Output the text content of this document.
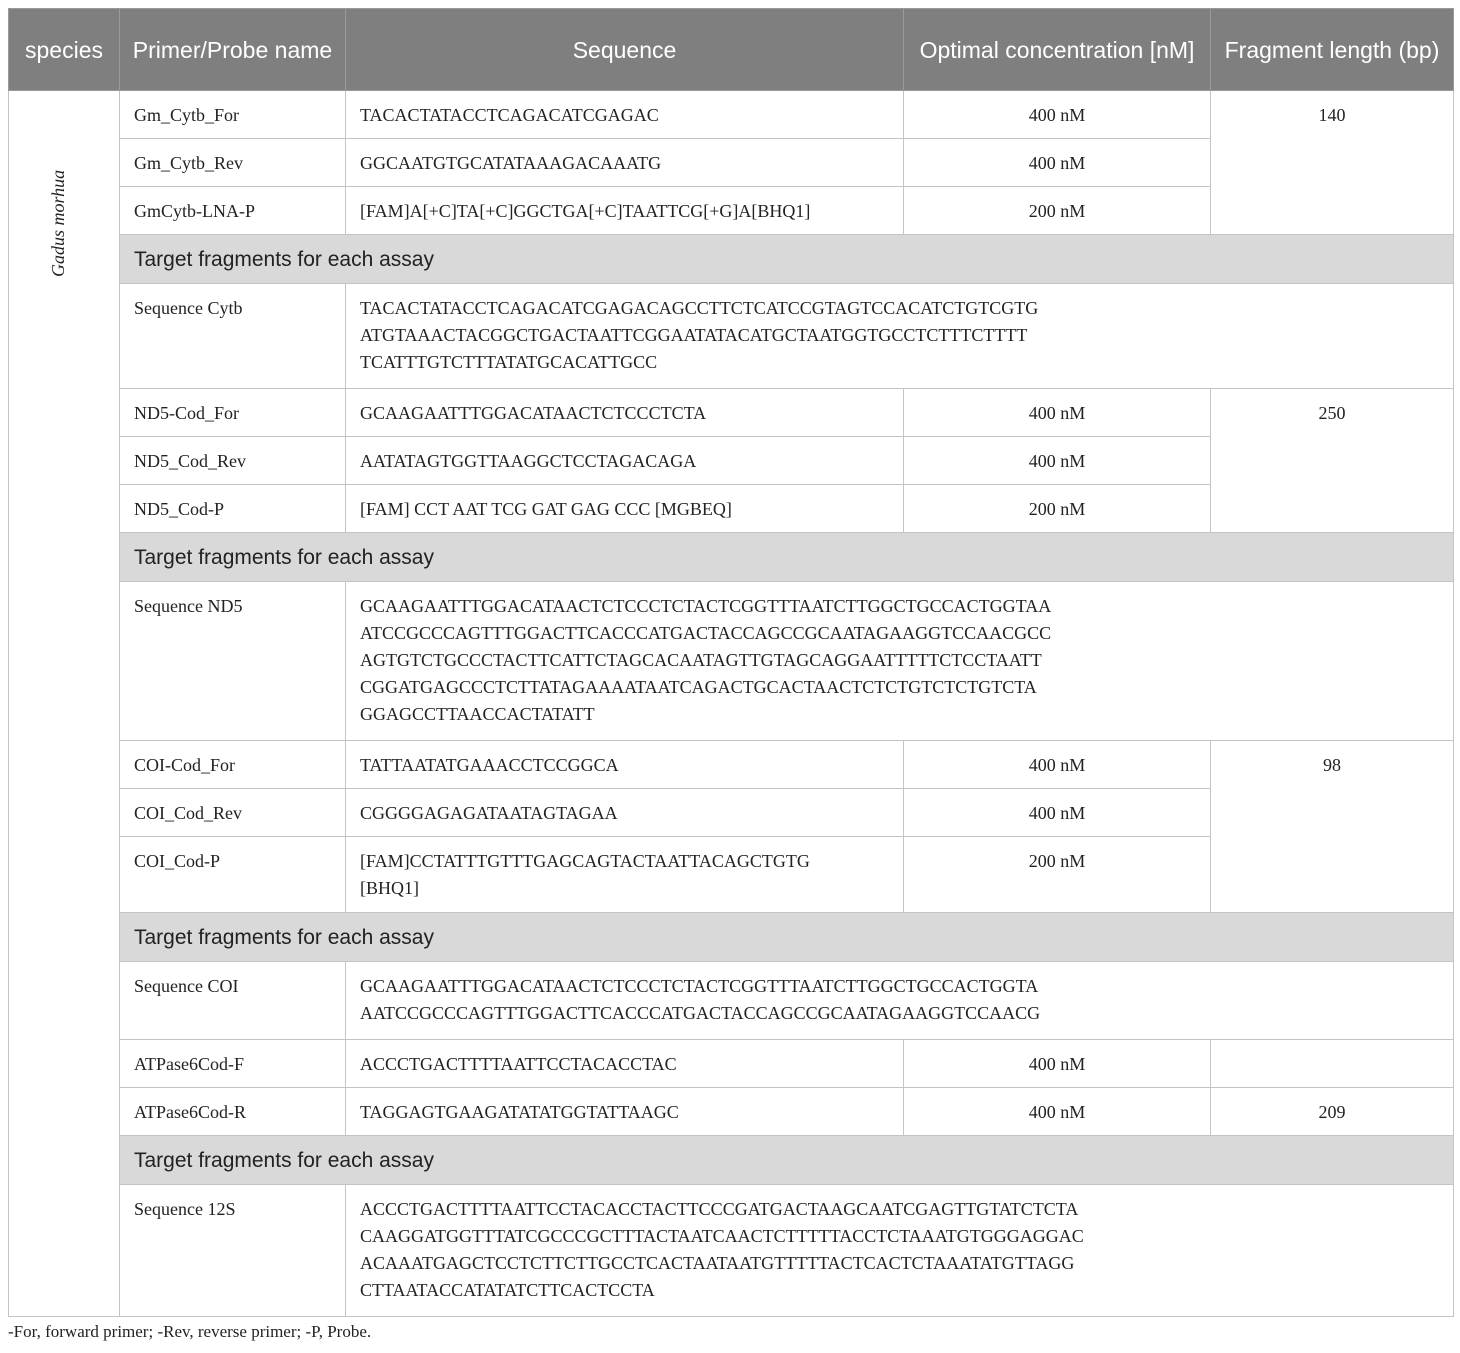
species	Primer/Probe name	Sequence	Optimal concentration [nM]	Fragment length (bp)

Gadus morhua	Gm_Cytb_For	TACACTATACCTCAGACATCGAGAC	400 nM	140
	Gm_Cytb_Rev	GGCAATGTGCATATAAAGACAAATG	400 nM	
	GmCytb-LNA-P	[FAM]A[+C]TA[+C]GGCTGA[+C]TAATTCG[+G]A[BHQ1]	200 nM	
	Target fragments for each assay			
	Sequence Cytb	TACACTATACCTCAGACATCGAGACAGCCTTCTCATCCGTAGTCCACATCTGTCGTG
ATGTAAACTACGGCTGACTAATTCGGAATATACATGCTAATGGTGCCTCTTTCTTTT
TCATTTGTCTTTATATGCACATTGCC		

	ND5-Cod_For	GCAAGAATTTGGACATAACTCTCCCTCTA	400 nM	250
	ND5_Cod_Rev	AATATAGTGGTTAAGGCTCCTAGACAGA	400 nM	
	ND5_Cod-P	[FAM] CCT AAT TCG GAT GAG CCC [MGBEQ]	200 nM	
	Target fragments for each assay			
	Sequence ND5	GCAAGAATTTGGACATAACTCTCCCTCTACTCGGTTTAATCTTGGCTGCCACTGGTAA
ATCCGCCCAGTTTGGACTTCACCCATGACTACCAGCCGCAATAGAAGGTCCAACGCC
AGTGTCTGCCCTACTTCATTCTAGCACAATAGTTGTAGCAGGAATTTTTCTCCTAATT
CGGATGAGCCCTCTTATAGAAAATAATCAGACTGCACTAACTCTCTGTCTCTGTCTA
GGAGCCTTAACCACTATATT		

	COI-Cod_For	TATTAATATGAAACCTCCGGCA	400 nM	98
	COI_Cod_Rev	CGGGGAGAGATAATAGTAGAA	400 nM	
	COI_Cod-P	[FAM]CCTATTTGTTTGAGCAGTACTAATTACAGCTGTG
[BHQ1]	200 nM	
	Target fragments for each assay			
	Sequence COI	GCAAGAATTTGGACATAACTCTCCCTCTACTCGGTTTAATCTTGGCTGCCACTGGTA
AATCCGCCCAGTTTGGACTTCACCCATGACTACCAGCCGCAATAGAAGGTCCAACG		

	ATPase6Cod-F	ACCCTGACTTTTAATTCCTACACCTAC	400 nM	
	ATPase6Cod-R	TAGGAGTGAAGATATATGGTATTAAGC	400 nM	209
	Target fragments for each assay			
	Sequence 12S	ACCCTGACTTTTAATTCCTACACCTACTTCCCGATGACTAAGCAATCGAGTTGTATCTCTA
CAAGGATGGTTTATCGCCCGCTTTACTAATCAACTCTTTTTACCTCTAAATGTGGGAGGAC
ACAAATGAGCTCCTCTTCTTGCCTCACTAATAATGTTTTTACTCACTCTAAATATGTTAGG
CTTAATACCATATATCTTCACTCCTA		
-For, forward primer; -Rev, reverse primer; -P, Probe.
